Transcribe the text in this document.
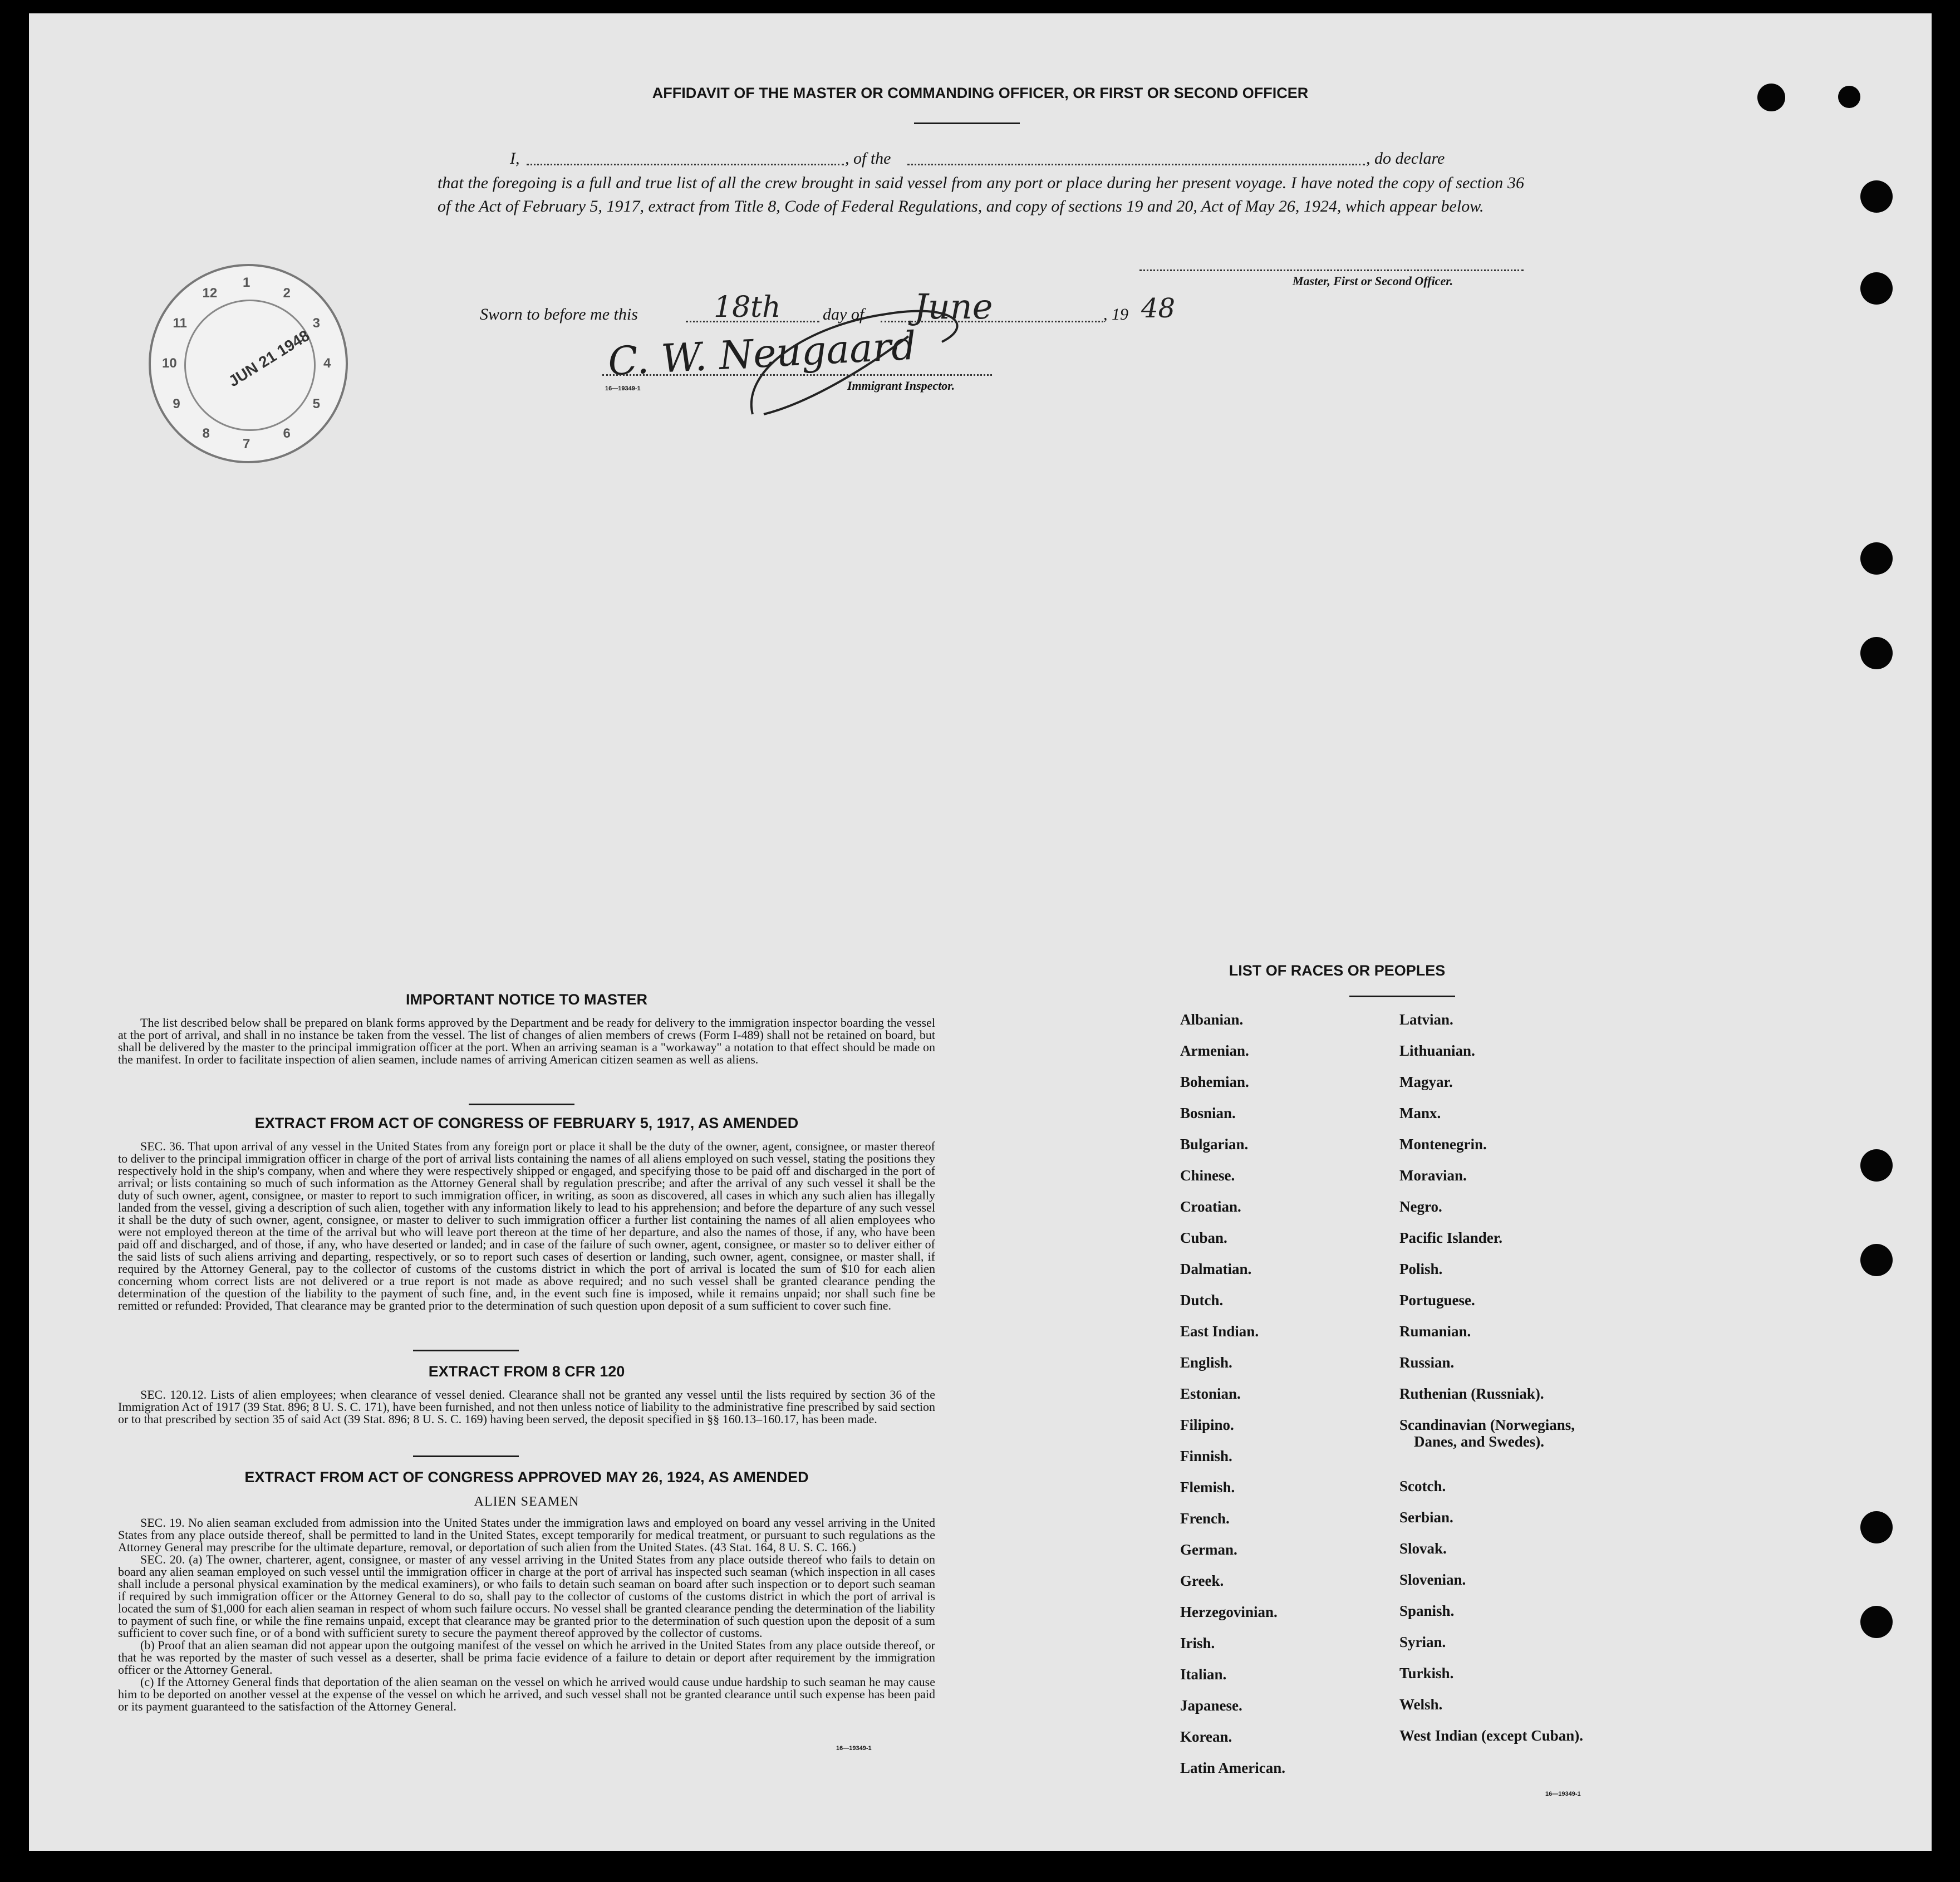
AFFIDAVIT OF THE MASTER OR COMMANDING OFFICER, OR FIRST OR SECOND OFFICER
I,	, of the	, do declare
that the foregoing is a full and true list of all the crew brought in said vessel from any port or place during her present voyage. I have noted the copy of section 36 of the Act of February 5, 1917, extract from Title 8, Code of Federal Regulations, and copy of sections 19 and 20, Act of May 26, 1924, which appear below.
Master, First or Second Officer.
Sworn to before me this	18th	day of June	, 19 48
C. W. Neugaard
16—19349-1	Immigrant Inspector.
JUN 21 1948
1
2
3
4
5
6
7
8
9
10
11
12
IMPORTANT NOTICE TO MASTER

The list described below shall be prepared on blank forms approved by the Department and be ready for delivery to the immigration inspector boarding the vessel at the port of arrival, and shall in no instance be taken from the vessel. The list of changes of alien members of crews (Form I-489) shall not be retained on board, but shall be delivered by the master to the principal immigration officer at the port. When an arriving seaman is a "workaway" a notation to that effect should be made on the manifest. In order to facilitate inspection of alien seamen, include names of arriving American citizen seamen as well as aliens.

EXTRACT FROM ACT OF CONGRESS OF FEBRUARY 5, 1917, AS AMENDED

SEC. 36. That upon arrival of any vessel in the United States from any foreign port or place it shall be the duty of the owner, agent, consignee, or master thereof to deliver to the principal immigration officer in charge of the port of arrival lists containing the names of all aliens employed on such vessel, stating the positions they respectively hold in the ship's company, when and where they were respectively shipped or engaged, and specifying those to be paid off and discharged in the port of arrival; or lists containing so much of such information as the Attorney General shall by regulation prescribe; and after the arrival of any such vessel it shall be the duty of such owner, agent, consignee, or master to report to such immigration officer, in writing, as soon as discovered, all cases in which any such alien has illegally landed from the vessel, giving a description of such alien, together with any information likely to lead to his apprehension; and before the departure of any such vessel it shall be the duty of such owner, agent, consignee, or master to deliver to such immigration officer a further list containing the names of all alien employees who were not employed thereon at the time of the arrival but who will leave port thereon at the time of her departure, and also the names of those, if any, who have been paid off and discharged, and of those, if any, who have deserted or landed; and in case of the failure of such owner, agent, consignee, or master so to deliver either of the said lists of such aliens arriving and departing, respectively, or so to report such cases of desertion or landing, such owner, agent, consignee, or master shall, if required by the Attorney General, pay to the collector of customs of the customs district in which the port of arrival is located the sum of $10 for each alien concerning whom correct lists are not delivered or a true report is not made as above required; and no such vessel shall be granted clearance pending the determination of the question of the liability to the payment of such fine, and, in the event such fine is imposed, while it remains unpaid; nor shall such fine be remitted or refunded: Provided, That clearance may be granted prior to the determination of such question upon deposit of a sum sufficient to cover such fine.

EXTRACT FROM 8 CFR 120

SEC. 120.12. Lists of alien employees; when clearance of vessel denied. Clearance shall not be granted any vessel until the lists required by section 36 of the Immigration Act of 1917 (39 Stat. 896; 8 U. S. C. 171), have been furnished, and not then unless notice of liability to the administrative fine prescribed by said section or to that prescribed by section 35 of said Act (39 Stat. 896; 8 U. S. C. 169) having been served, the deposit specified in §§ 160.13–160.17, has been made.

EXTRACT FROM ACT OF CONGRESS APPROVED MAY 26, 1924, AS AMENDED
ALIEN SEAMEN

SEC. 19. No alien seaman excluded from admission into the United States under the immigration laws and employed on board any vessel arriving in the United States from any place outside thereof, shall be permitted to land in the United States, except temporarily for medical treatment, or pursuant to such regulations as the Attorney General may prescribe for the ultimate departure, removal, or deportation of such alien from the United States. (43 Stat. 164, 8 U. S. C. 166.)

SEC. 20. (a) The owner, charterer, agent, consignee, or master of any vessel arriving in the United States from any place outside thereof who fails to detain on board any alien seaman employed on such vessel until the immigration officer in charge at the port of arrival has inspected such seaman (which inspection in all cases shall include a personal physical examination by the medical examiners), or who fails to detain such seaman on board after such inspection or to deport such seaman if required by such immigration officer or the Attorney General to do so, shall pay to the collector of customs of the customs district in which the port of arrival is located the sum of $1,000 for each alien seaman in respect of whom such failure occurs. No vessel shall be granted clearance pending the determination of the liability to payment of such fine, or while the fine remains unpaid, except that clearance may be granted prior to the determination of such question upon the deposit of a sum sufficient to cover such fine, or of a bond with sufficient surety to secure the payment thereof approved by the collector of customs.

(b) Proof that an alien seaman did not appear upon the outgoing manifest of the vessel on which he arrived in the United States from any place outside thereof, or that he was reported by the master of such vessel as a deserter, shall be prima facie evidence of a failure to detain or deport after requirement by the immigration officer or the Attorney General.

(c) If the Attorney General finds that deportation of the alien seaman on the vessel on which he arrived would cause undue hardship to such seaman he may cause him to be deported on another vessel at the expense of the vessel on which he arrived, and such vessel shall not be granted clearance until such expense has been paid or its payment guaranteed to the satisfaction of the Attorney General.

16—19349-1
LIST OF RACES OR PEOPLES
Albanian.
Armenian.
Bohemian.
Bosnian.
Bulgarian.
Chinese.
Croatian.
Cuban.
Dalmatian.
Dutch.
East Indian.
English.
Estonian.
Filipino.
Finnish.
Flemish.
French.
German.
Greek.
Herzegovinian.
Irish.
Italian.
Japanese.
Korean.
Latin American.
Latvian.
Lithuanian.
Magyar.
Manx.
Montenegrin.
Moravian.
Negro.
Pacific Islander.
Polish.
Portuguese.
Rumanian.
Russian.
Ruthenian (Russniak).
Scandinavian (Norwegians,
Danes, and Swedes).
Scotch.
Serbian.
Slovak.
Slovenian.
Spanish.
Syrian.
Turkish.
Welsh.
West Indian (except Cuban).
16—19349-1
